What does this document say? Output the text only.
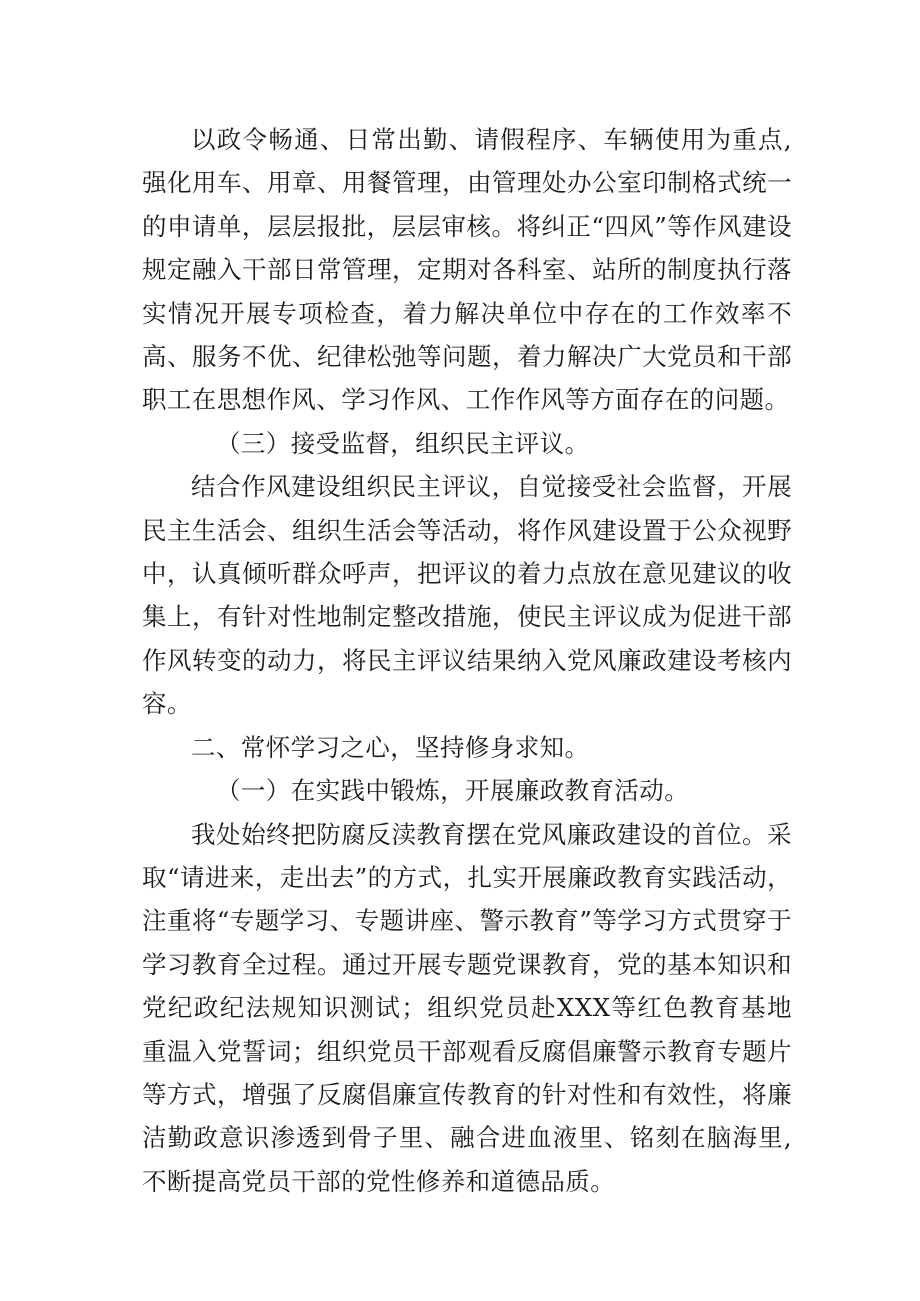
以政令畅通、日常出勤、请假程序、车辆使用为重点,强化用车、用章、用餐管理，由管理处办公室印制格式统一的申请单，层层报批，层层审核。将纠正“四风”等作风建设规定融入干部日常管理，定期对各科室、站所的制度执行落实情况开展专项检查，着力解决单位中存在的工作效率不高、服务不优、纪律松弛等问题，着力解决广大党员和干部职工在思想作风、学习作风、工作作风等方面存在的问题。

（三）接受监督，组织民主评议。

结合作风建设组织民主评议，自觉接受社会监督，开展民主生活会、组织生活会等活动，将作风建设置于公众视野中，认真倾听群众呼声，把评议的着力点放在意见建议的收集上，有针对性地制定整改措施，使民主评议成为促进干部作风转变的动力，将民主评议结果纳入党风廉政建设考核内容。

二、常怀学习之心，坚持修身求知。

（一）在实践中锻炼，开展廉政教育活动。

我处始终把防腐反渎教育摆在党风廉政建设的首位。采取“请进来，走出去”的方式，扎实开展廉政教育实践活动，注重将“专题学习、专题讲座、警示教育”等学习方式贯穿于学习教育全过程。通过开展专题党课教育，党的基本知识和党纪政纪法规知识测试；组织党员赴XXX等红色教育基地重温入党誓词；组织党员干部观看反腐倡廉警示教育专题片等方式，增强了反腐倡廉宣传教育的针对性和有效性，将廉洁勤政意识渗透到骨子里、融合进血液里、铭刻在脑海里,不断提高党员干部的党性修养和道德品质。
